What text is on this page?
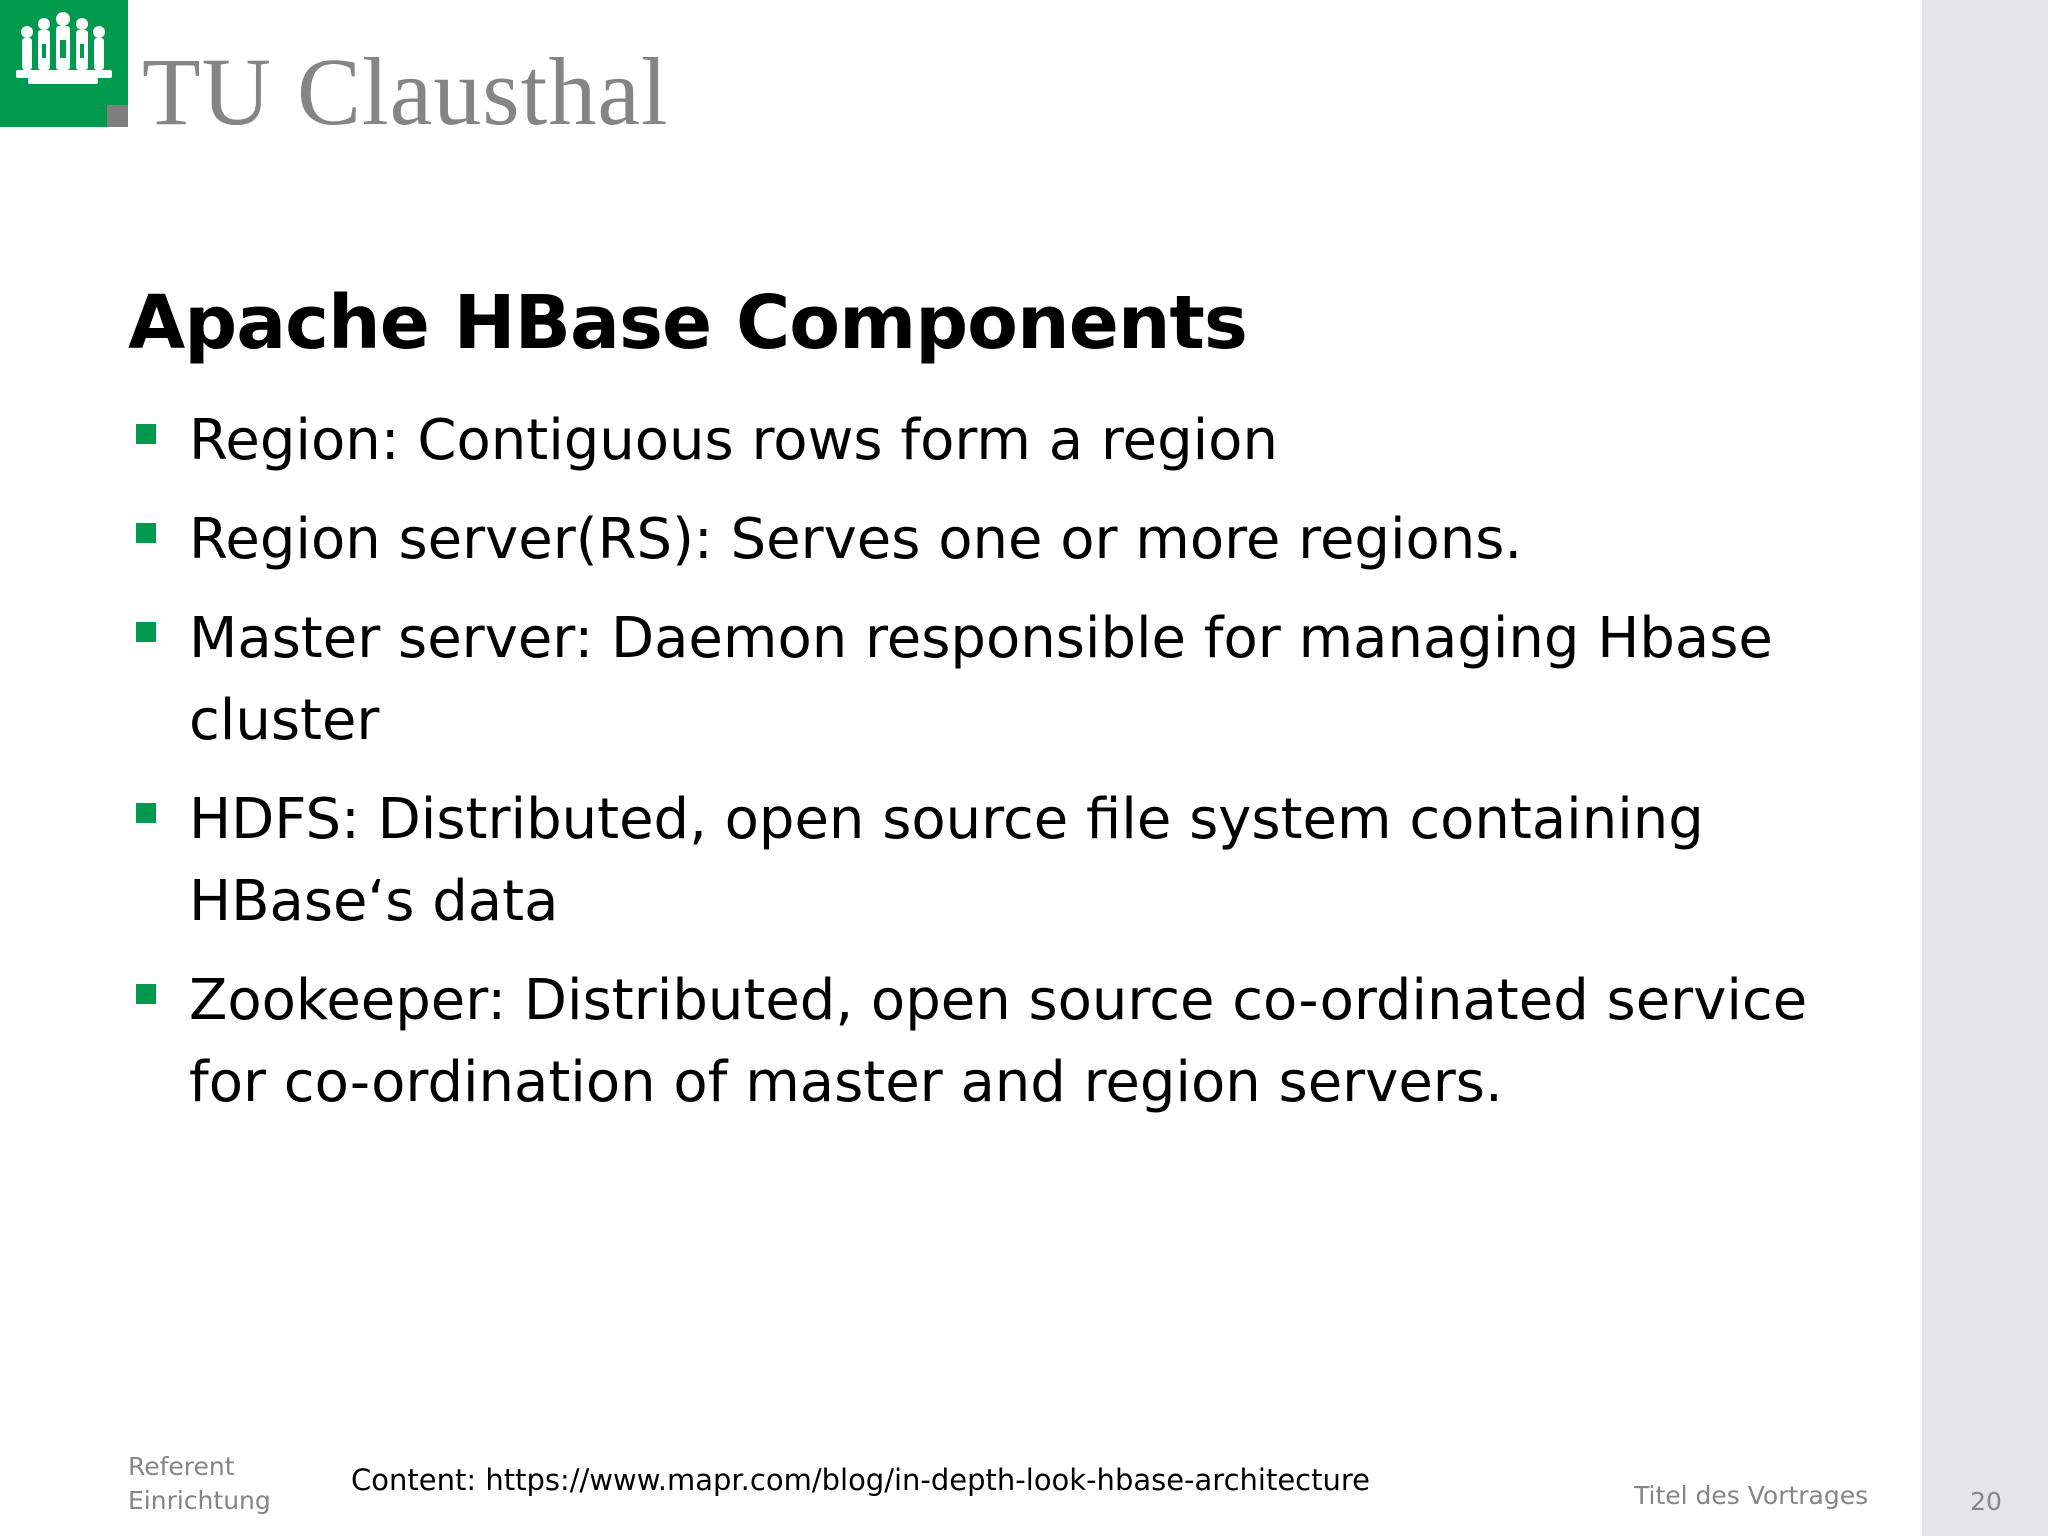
TU Clausthal
Apache HBase Components
Region: Contiguous rows form a region
Region server(RS): Serves one or more regions.
Master server: Daemon responsible for managing Hbase
cluster
HDFS: Distributed, open source file system containing
HBase‘s data
Zookeeper: Distributed, open source co-ordinated service
for co-ordination of master and region servers.
Referent
Einrichtung
Content: https://www.mapr.com/blog/in-depth-look-hbase-architecture	Titel des Vortrages	20
